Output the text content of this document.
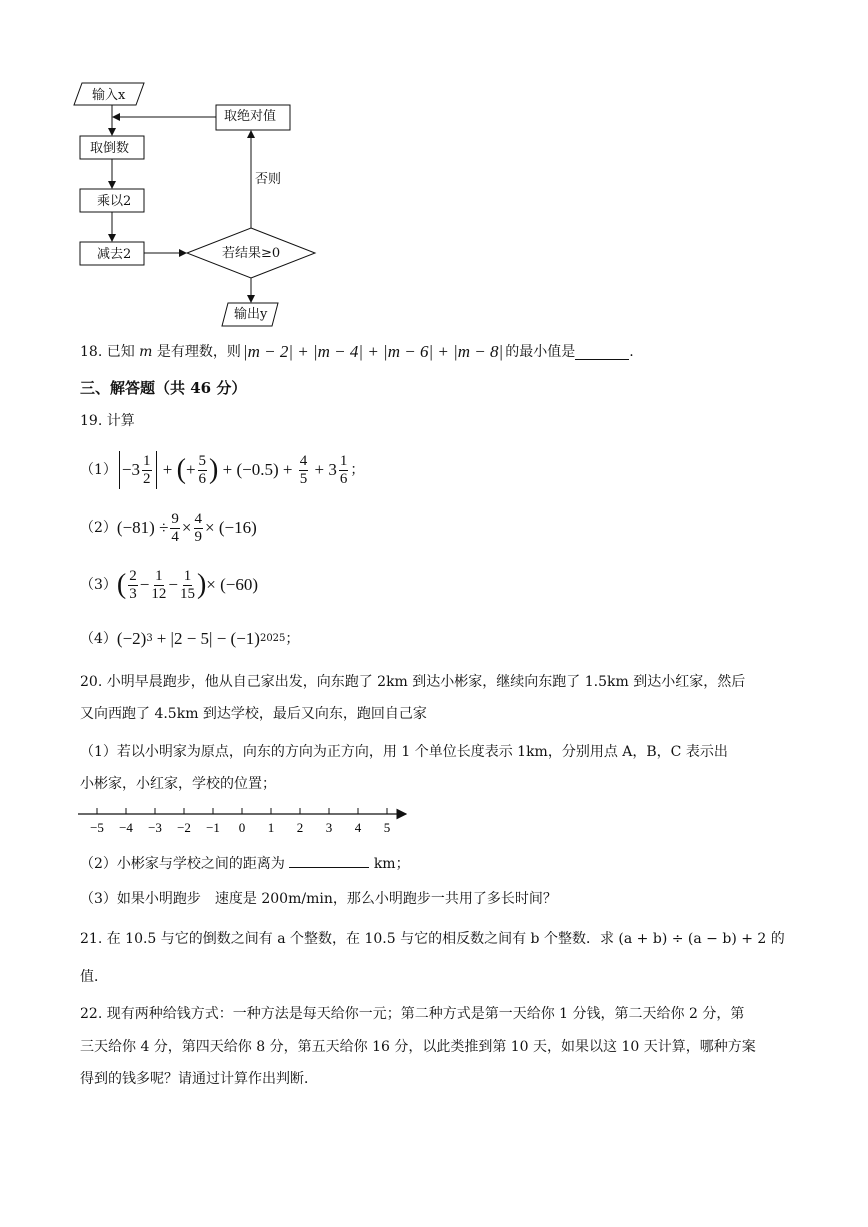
输入x
取倒数
乘以2
减去2	若结果≥0
取绝对值
否则
输出y
18.
已知
m
是有理数，则 |m − 2| + |m − 4| + |m − 6| + |m − 8| 的最小值是	.
三、解答题（共 46 分）
19. 计算
$(1) -3 \frac{1}{2}$ + ( + $\frac{5}{6}$ ) + $(-0.5) + \frac{4}{5} + 3 \frac{1}{6}$ ；
（2） $(-81) \div \frac{9}{4} \times \frac{4}{9} \times (-16)$
（3） ( $\frac{2}{3} - \frac{1}{12} - \frac{1}{15}$ ) × (−60)
（4） (−2) 3 + |2 − 5| − (−1) 2025 ；
20. 小明早晨跑步，他从自己家出发，向东跑了 2km 到达小彬家，继续向东跑了 1.5km 到达小红家，然后
又向西跑了 4.5km 到达学校，最后又向东，跑回自己家
（1）若以小明家为原点，向东的方向为正方向，用 1 个单位长度表示 1km，分别用点 A，B，C 表示出
小彬家，小红家，学校的位置；
−5 −4 −3 −2 −1 0 1 2 3 4 5
（2）小彬家与学校之间的距离为	km；
（3）如果小明跑步　速度是 200m/min，那么小明跑步一共用了多长时间？
21. 在 10.5 与它的倒数之间有 a 个整数，在 10.5 与它的相反数之间有 b 个整数．求 (a + b) ÷ (a − b) + 2 的
值．
22. 现有两种给钱方式：一种方法是每天给你一元；第二种方式是第一天给你 1 分钱，第二天给你 2 分，第
三天给你 4 分，第四天给你 8 分，第五天给你 16 分，以此类推到第 10 天，如果以这 10 天计算，哪种方案
得到的钱多呢？请通过计算作出判断．
